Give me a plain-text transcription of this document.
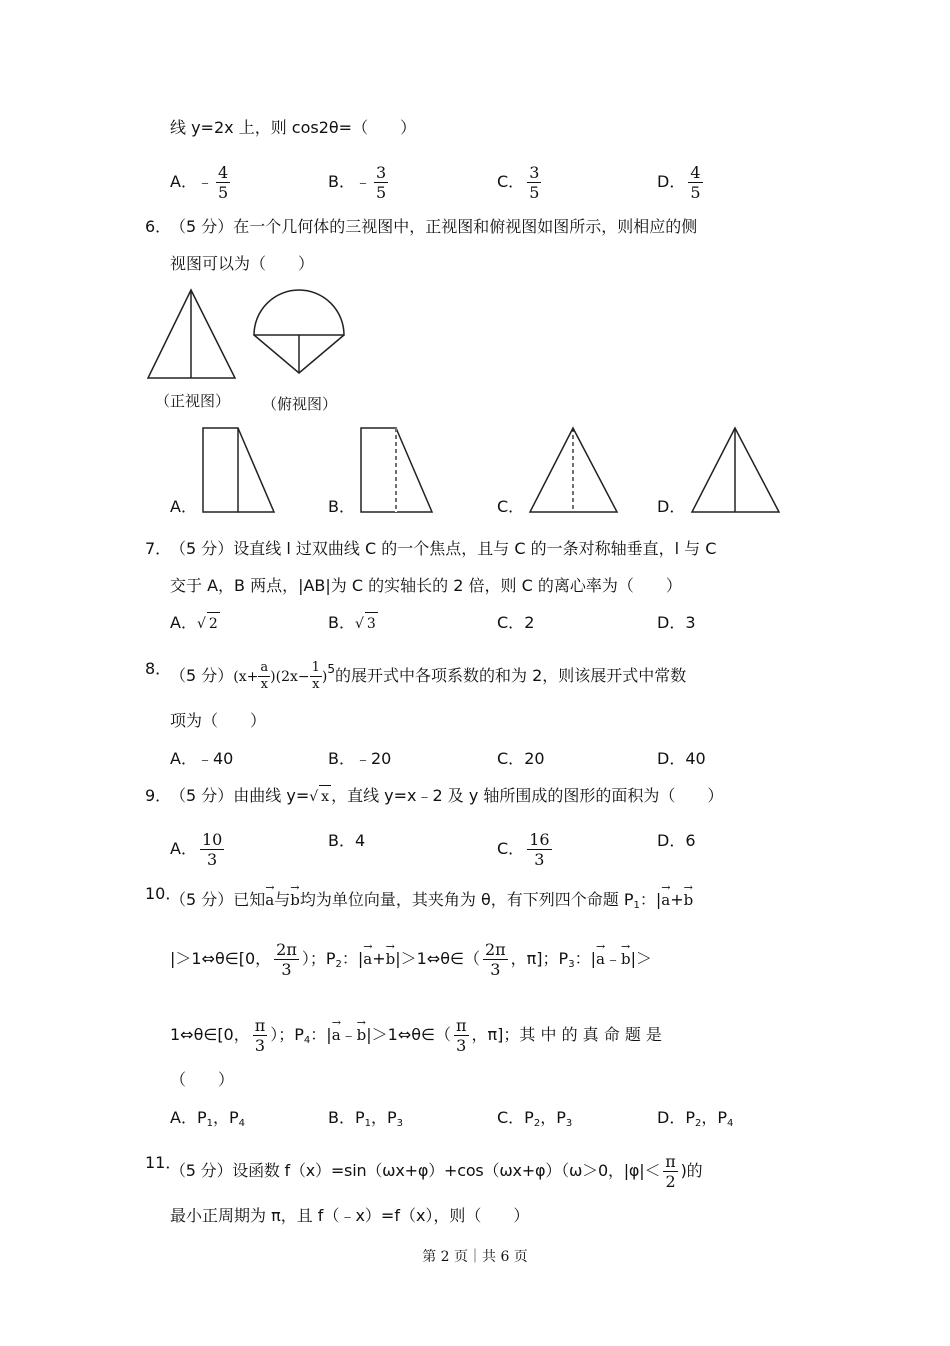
线 y=2x 上，则 cos2θ=（　　）
A．﹣ $\frac{4}{5}$	B．﹣ $\frac{3}{5}$	C． $\frac{3}{5}$	D． $\frac{4}{5}$
6．
（5 分）在一个几何体的三视图中，正视图和俯视图如图所示，则相应的侧
视图可以为（　　）
（正视图） （俯视图）
A．	B．	C．	D．
7．
（5 分）设直线 l 过双曲线 C 的一个焦点，且与 C 的一条对称轴垂直，l 与 C
交于 A，B 两点，|AB|为 C 的实轴长的 2 倍，则 C 的离心率为（　　）
A．√ 2	B．√ 3	C．2	D．3
8．
（5 分）$(x+ \frac{a}{x} )(2x- \frac{1}{x} )^5$的展开式中各项系数的和为 2，则该展开式中常数
项为（　　）
A．﹣40	B．﹣20	C．20	D．40
9．
（5 分）由曲线 y=√ x ，直线 y=x﹣2 及 y 轴所围成的图形的面积为（　　）
A． $\frac{10}{3}$	B．4	C． $\frac{16}{3}$	D．6
10．
（5 分）已知→ a与→ b均为单位向量，其夹角为 θ，有下列四个命题 $P_1$：|→ a+→ b
|＞1⇔θ∈[0， $\frac{2\pi}{3}$ ）；$P_2$：|→ a+→ b|＞1⇔θ∈（ $\frac{2\pi}{3}$ ，π]；$P_3$：|→ a﹣→ b|＞
1⇔θ∈[0， $\frac{\pi}{3}$ ）；$P_4$：|→ a﹣→ b|＞1⇔θ∈（ $\frac{\pi}{3}$ ，π]；其 中 的 真 命 题 是
（　　）
A．$P_1$，$P_4$	B．$P_1$，$P_3$	C．$P_2$，$P_3$	D．$P_2$，$P_4$
11．
（5 分）设函数 f（x）=sin（ωx+φ）+cos（ωx+φ）（ω＞0，$|\varphi|< \frac{\pi}{2}$ )的
最小正周期为 π，且 f（﹣x）=f（x），则（　　）
第 2 页｜共 6 页
